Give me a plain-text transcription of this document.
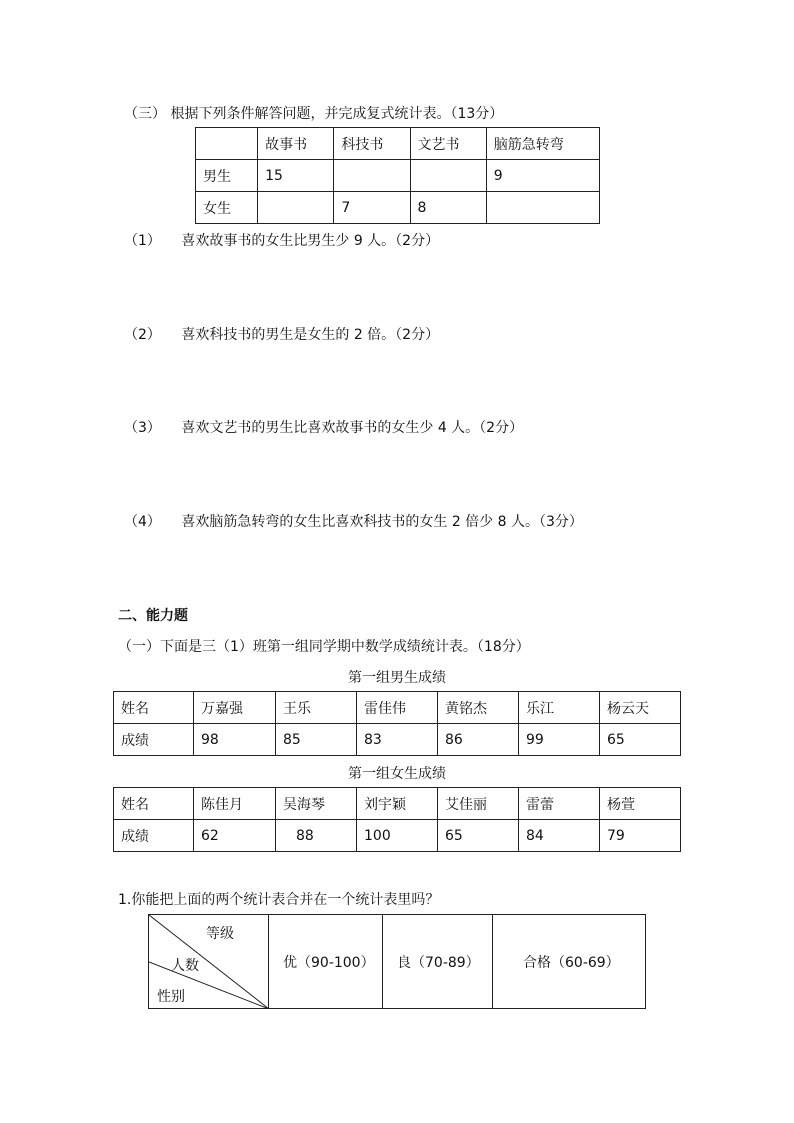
（三） 根据下列条件解答问题，并完成复式统计表。（13分）
	故事书	科技书	文艺书	脑筋急转弯
男生	15			9
女生		7	8	
（1） 喜欢故事书的女生比男生少 9 人。（2分）
（2） 喜欢科技书的男生是女生的 2 倍。（2分）
（3） 喜欢文艺书的男生比喜欢故事书的女生少 4 人。（2分）
（4） 喜欢脑筋急转弯的女生比喜欢科技书的女生 2 倍少 8 人。（3分）
二、能力题
（一）下面是三（1）班第一组同学期中数学成绩统计表。（18分）
第一组男生成绩
姓名	万嘉强	王乐	雷佳伟	黄铭杰	乐江	杨云天
成绩	98	85	83	86	99	65
第一组女生成绩
姓名	陈佳月	吴海琴	刘宇颖	艾佳丽	雷蕾	杨萱
成绩	62	88	100	65	84	79
1.你能把上面的两个统计表合并在一个统计表里吗？
等级
人数
性别
	优（90-100）	良（70-89）	合格（60-69）
